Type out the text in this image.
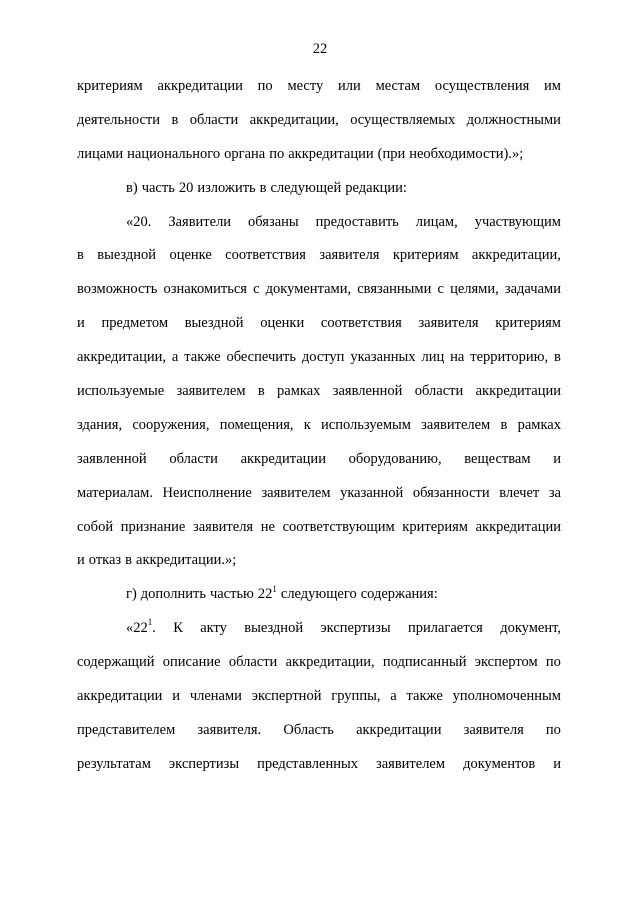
22
критериям аккредитации по месту или местам осуществления им
деятельности в области аккредитации, осуществляемых должностными
лицами национального органа по аккредитации (при необходимости).»;
в) часть 20 изложить в следующей редакции:
«20. Заявители обязаны предоставить лицам, участвующим
в выездной оценке соответствия заявителя критериям аккредитации,
возможность ознакомиться с документами, связанными с целями, задачами
и предметом выездной оценки соответствия заявителя критериям
аккредитации, а также обеспечить доступ указанных лиц на территорию, в
используемые заявителем в рамках заявленной области аккредитации
здания, сооружения, помещения, к используемым заявителем в рамках
заявленной области аккредитации оборудованию, веществам и
материалам. Неисполнение заявителем указанной обязанности влечет за
собой признание заявителя не соответствующим критериям аккредитации
и отказ в аккредитации.»;
г) дополнить частью $22^1$ следующего содержания:
«$22^1$. К акту выездной экспертизы прилагается документ,
содержащий описание области аккредитации, подписанный экспертом по
аккредитации и членами экспертной группы, а также уполномоченным
представителем заявителя. Область аккредитации заявителя по
результатам экспертизы представленных заявителем документов и
